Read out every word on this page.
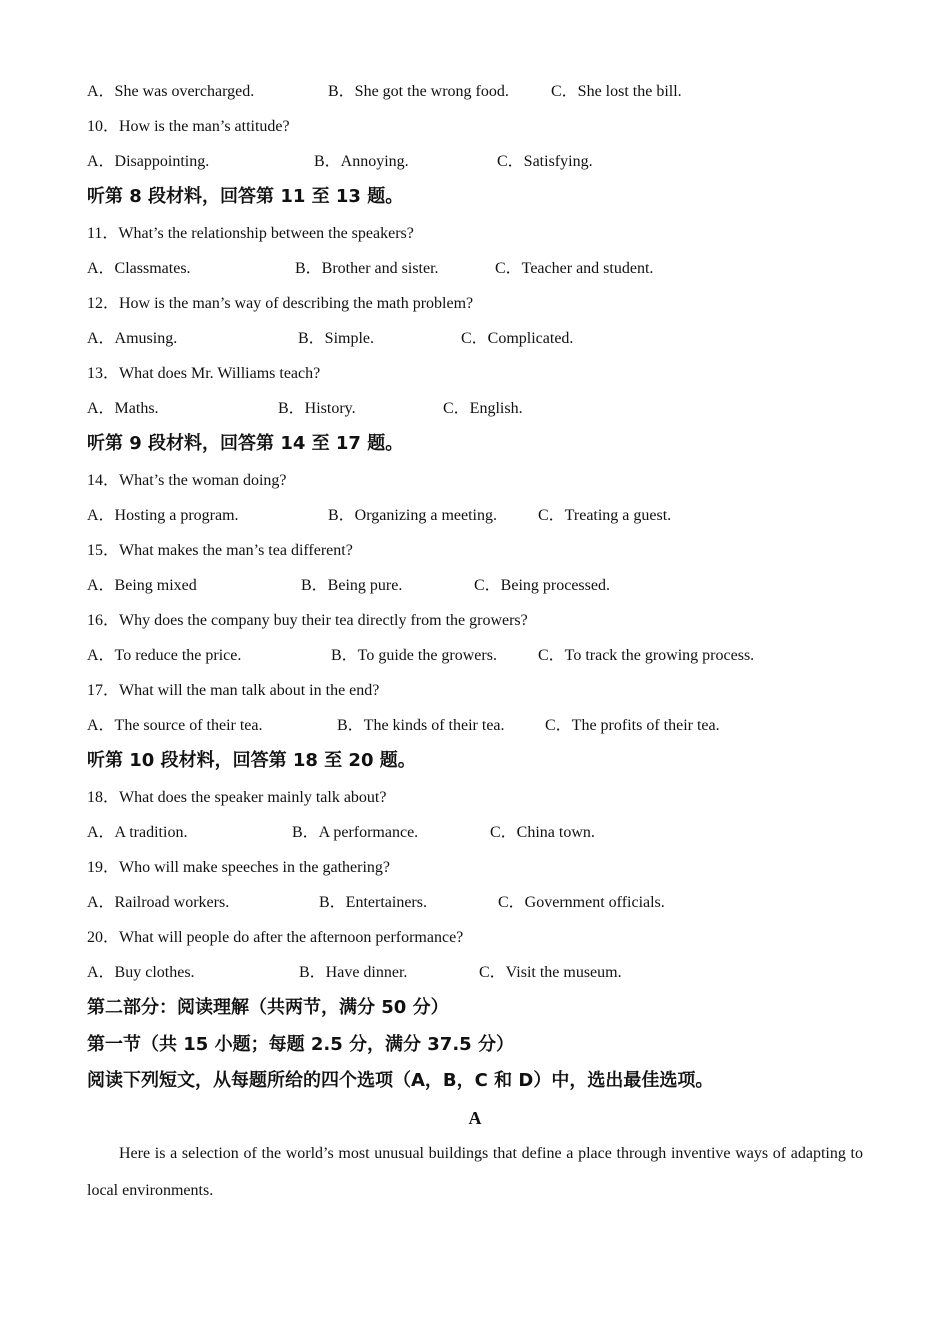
A．She was overcharged.	B．She got the wrong food.	C．She lost the bill.
10．How is the man’s attitude?
A．Disappointing.	B．Annoying.	C．Satisfying.
听第 8 段材料，回答第 11 至 13 题。
11．What’s the relationship between the speakers?
A．Classmates.	B．Brother and sister.	C．Teacher and student.
12．How is the man’s way of describing the math problem?
A．Amusing.	B．Simple.	C．Complicated.
13．What does Mr. Williams teach?
A．Maths.	B．History.	C．English.
听第 9 段材料，回答第 14 至 17 题。
14．What’s the woman doing?
A．Hosting a program.	B．Organizing a meeting.	C．Treating a guest.
15．What makes the man’s tea different?
A．Being mixed	B．Being pure.	C．Being processed.
16．Why does the company buy their tea directly from the growers?
A．To reduce the price.	B．To guide the growers.	C．To track the growing process.
17．What will the man talk about in the end?
A．The source of their tea.	B．The kinds of their tea.	C．The profits of their tea.
听第 10 段材料，回答第 18 至 20 题。
18．What does the speaker mainly talk about?
A．A tradition.	B．A performance.	C．China town.
19．Who will make speeches in the gathering?
A．Railroad workers.	B．Entertainers.	C．Government officials.
20．What will people do after the afternoon performance?
A．Buy clothes.	B．Have dinner.	C．Visit the museum.
第二部分：阅读理解（共两节，满分 50 分）
第一节（共 15 小题；每题 2.5 分，满分 37.5 分）
阅读下列短文，从每题所给的四个选项（A，B，C 和 D）中，选出最佳选项。
A
Here is a selection of the world’s most unusual buildings that define a place through inventive ways of adapting to local environments.
